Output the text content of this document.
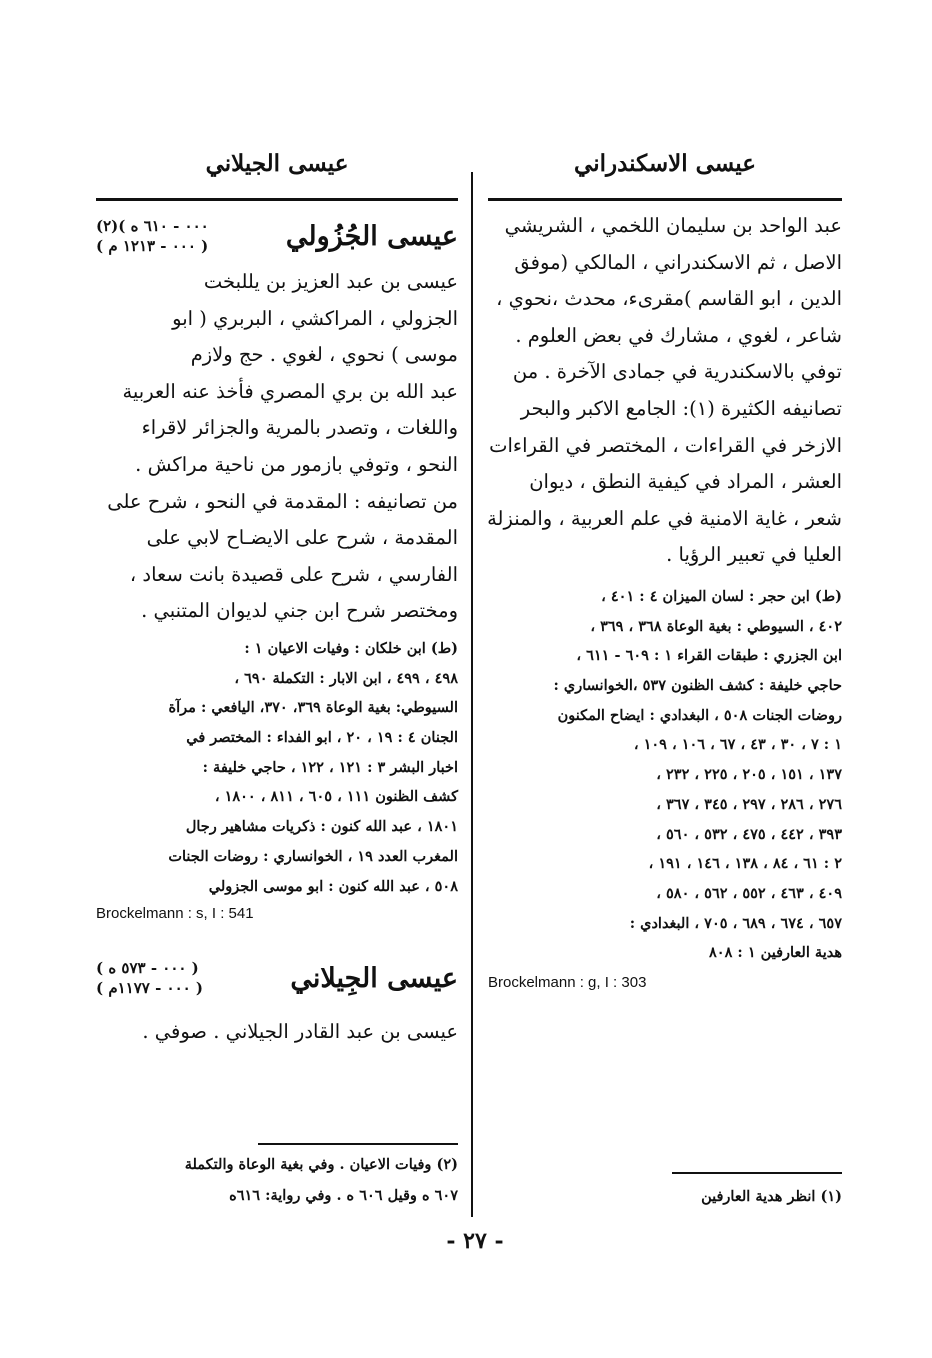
عيسى الاسكندراني
عيسى الجيلاني
عبد الواحد بن سليمان اللخمي ، الشريشي
الاصل ، ثم الاسكندراني ، المالكي (موفق
الدين ، ابو القاسم )مقرىء، محدث ،نحوي ،
شاعر ، لغوي ، مشارك في بعض العلوم .
توفي بالاسكندرية في جمادى الآخرة . من
تصانيفه الكثيرة (١): الجامع الاكبر والبحر
الازخر في القراءات ، المختصر في القراءات
العشر ، المراد في كيفية النطق ، ديوان
شعر ، غاية الامنية في علم العربية ، والمنزلة
العليا في تعبير الرؤيا .
(ط) ابن حجر : لسان الميزان ٤ : ٤٠١ ،
٤٠٢ ، السيوطي : بغية الوعاة ٣٦٨ ، ٣٦٩ ،
ابن الجزري : طبقات القراء ١ : ٦٠٩ - ٦١١ ،
حاجي خليفة : كشف الظنون ٥٣٧ ،الخوانساري :
روضات الجنات ٥٠٨ ، البغدادي : ايضاح المكنون
١ : ٧ ، ٣٠ ، ٤٣ ، ٦٧ ، ١٠٦ ، ١٠٩ ،
١٣٧ ، ١٥١ ، ٢٠٥ ، ٢٢٥ ، ٢٣٢ ،
٢٧٦ ، ٢٨٦ ، ٢٩٧ ، ٣٤٥ ، ٣٦٧ ،
٣٩٣ ، ٤٤٢ ، ٤٧٥ ، ٥٣٢ ، ٥٦٠ ،
٢ : ٦١ ، ٨٤ ، ١٣٨ ، ١٤٦ ، ١٩١ ،
٤٠٩ ، ٤٦٣ ، ٥٥٢ ، ٥٦٢ ، ٥٨٠ ،
٦٥٧ ، ٦٧٤ ، ٦٨٩ ، ٧٠٥ ، البغدادي :
هدية العارفين ١ : ٨٠٨
Brockelmann : g, I : 303
(١) انظر هدية العارفين
عيسى الجُزُولي
(٢)( ٠٠٠ - ٦١٠ ه
( ٠٠٠ - ١٢١٣ م )
عيسى بن عبد العزيز بن يللبخت
الجزولي ، المراكشي ، البربري ( ابو
موسى ) نحوي ، لغوي . حج ولازم
عبد الله بن بري المصري فأخذ عنه العربية
واللغات ، وتصدر بالمرية والجزائر لاقراء
النحو ، وتوفي بازمور من ناحية مراكش .
من تصانيفه : المقدمة في النحو ، شرح على
المقدمة ، شرح على الايضـاح لابي على
الفارسي ، شرح على قصيدة بانت سعاد ،
ومختصر شرح ابن جني لديوان المتنبي .
(ط) ابن خلكان : وفيات الاعيان ١ :
٤٩٨ ، ٤٩٩ ، ابن الابار : التكملة ٦٩٠ ،
السيوطي: بغية الوعاة ٣٦٩، ٣٧٠، اليافعي : مرآة
الجنان ٤ : ١٩ ، ٢٠ ، ابو الفداء : المختصر في
اخبار البشر ٣ : ١٢١ ، ١٢٢ ، حاجي خليفة :
كشف الظنون ١١١ ، ٦٠٥ ، ٨١١ ، ١٨٠٠ ،
١٨٠١ ، عبد الله كنون : ذكريات مشاهير رجال
المغرب العدد ١٩ ، الخوانساري : روضات الجنات
٥٠٨ ، عبد الله كنون : ابو موسى الجزولي
Brockelmann : s, I : 541
عيسى الجِيلاني
( ٠٠٠ - ٥٧٣ ه )
( ٠٠٠ - ١١٧٧م )
عيسى بن عبد القادر الجيلاني . صوفي .
(٢) وفيات الاعيان . وفي بغية الوعاة والتكملة
٦٠٧ ه وقيل ٦٠٦ ه . وفي رواية: ٦١٦ه
- ٢٧ -
